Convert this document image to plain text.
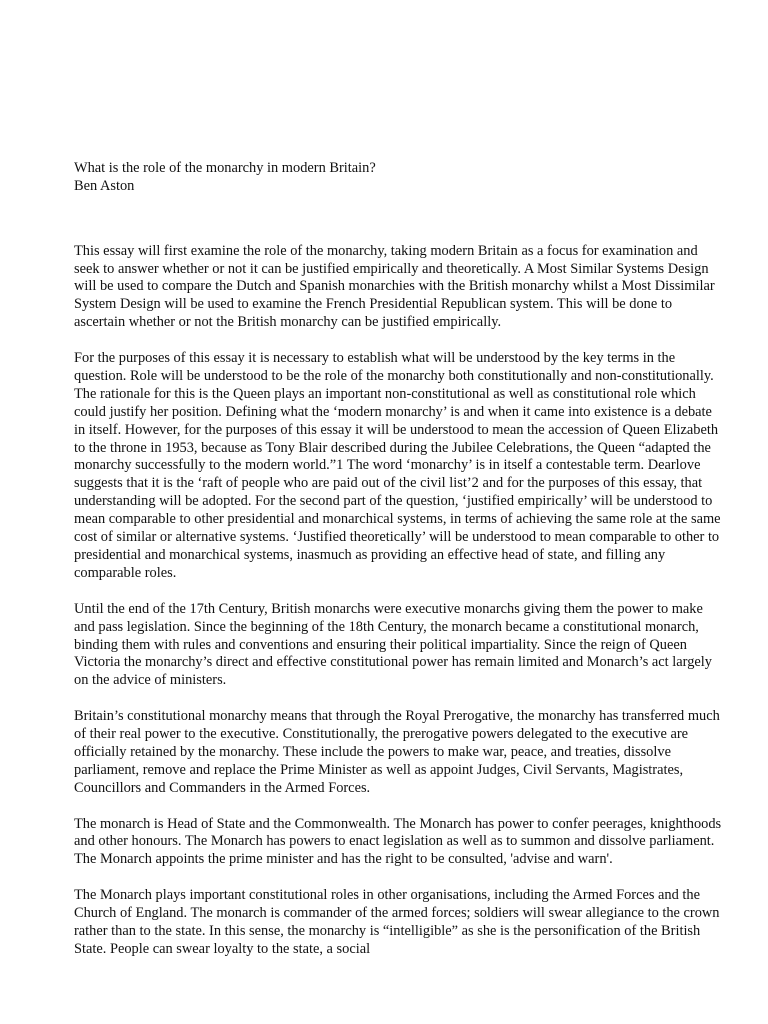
What is the role of the monarchy in modern Britain?
Ben Aston

This essay will first examine the role of the monarchy, taking modern Britain as a focus for examination and seek to answer whether or not it can be justified empirically and theoretically. A Most Similar Systems Design will be used to compare the Dutch and Spanish monarchies with the British monarchy whilst a Most Dissimilar System Design will be used to examine the French Presidential Republican system. This will be done to ascertain whether or not the British monarchy can be justified empirically.

For the purposes of this essay it is necessary to establish what will be understood by the key terms in the question. Role will be understood to be the role of the monarchy both constitutionally and non-constitutionally. The rationale for this is the Queen plays an important non-constitutional as well as constitutional role which could justify her position. Defining what the ‘modern monarchy’ is and when it came into existence is a debate in itself. However, for the purposes of this essay it will be understood to mean the accession of Queen Elizabeth to the throne in 1953, because as Tony Blair described during the Jubilee Celebrations, the Queen “adapted the monarchy successfully to the modern world.”1 The word ‘monarchy’ is in itself a contestable term. Dearlove suggests that it is the ‘raft of people who are paid out of the civil list’2 and for the purposes of this essay, that understanding will be adopted. For the second part of the question, ‘justified empirically’ will be understood to mean comparable to other presidential and monarchical systems, in terms of achieving the same role at the same cost of similar or alternative systems. ‘Justified theoretically’ will be understood to mean comparable to other to presidential and monarchical systems, inasmuch as providing an effective head of state, and filling any comparable roles.

Until the end of the 17th Century, British monarchs were executive monarchs giving them the power to make and pass legislation. Since the beginning of the 18th Century, the monarch became a constitutional monarch, binding them with rules and conventions and ensuring their political impartiality. Since the reign of Queen Victoria the monarchy’s direct and effective constitutional power has remain limited and Monarch’s act largely on the advice of ministers.

Britain’s constitutional monarchy means that through the Royal Prerogative, the monarchy has transferred much of their real power to the executive. Constitutionally, the prerogative powers delegated to the executive are officially retained by the monarchy. These include the powers to make war, peace, and treaties, dissolve parliament, remove and replace the Prime Minister as well as appoint Judges, Civil Servants, Magistrates, Councillors and Commanders in the Armed Forces.

The monarch is Head of State and the Commonwealth. The Monarch has power to confer peerages, knighthoods and other honours. The Monarch has powers to enact legislation as well as to summon and dissolve parliament. The Monarch appoints the prime minister and has the right to be consulted, 'advise and warn'.

The Monarch plays important constitutional roles in other organisations, including the Armed Forces and the Church of England. The monarch is commander of the armed forces; soldiers will swear allegiance to the crown rather than to the state. In this sense, the monarchy is “intelligible” as she is the personification of the British State. People can swear loyalty to the state, a social
